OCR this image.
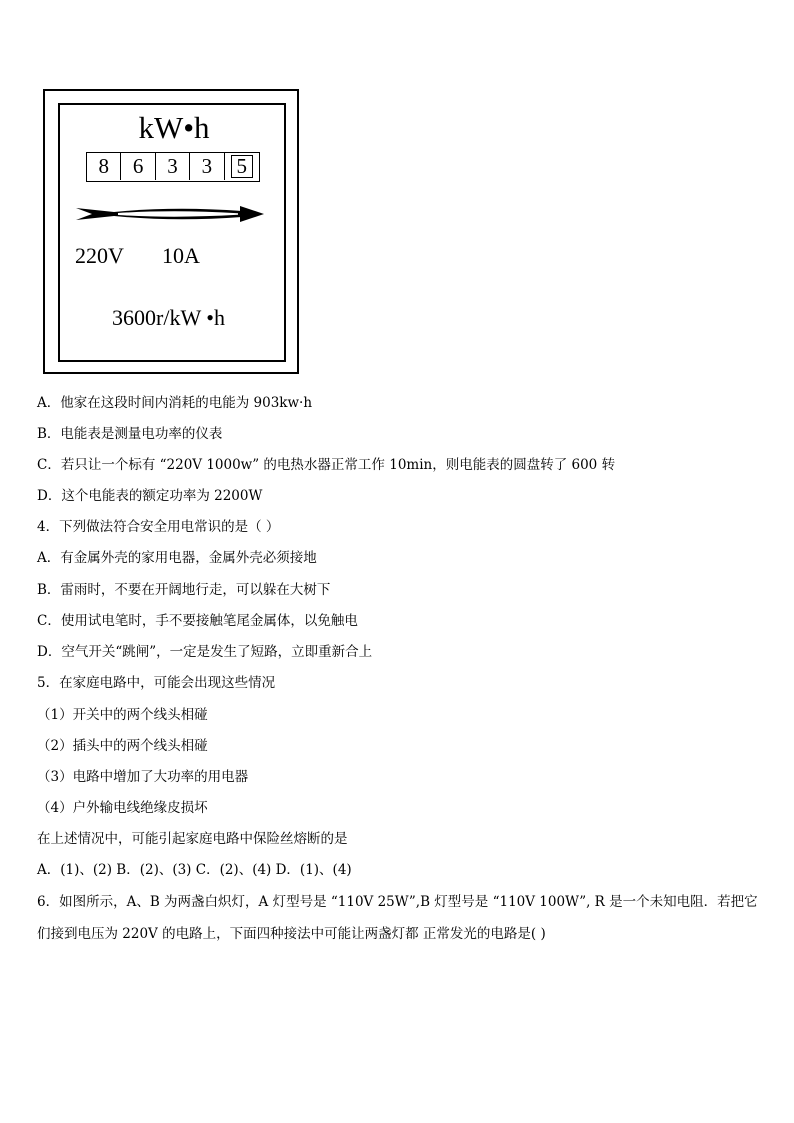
kW•h
8	6	3	3	5
220V 10A
3600r/kW •h
A．他家在这段时间内消耗的电能为 903kw·h
B．电能表是测量电功率的仪表
C．若只让一个标有 “220V 1000w” 的电热水器正常工作 10min，则电能表的圆盘转了 600 转
D．这个电能表的额定功率为 2200W
4．下列做法符合安全用电常识的是（ ）
A．有金属外壳的家用电器，金属外壳必须接地
B．雷雨时，不要在开阔地行走，可以躲在大树下
C．使用试电笔时，手不要接触笔尾金属体，以免触电
D．空气开关“跳闸”，一定是发生了短路，立即重新合上
5．在家庭电路中，可能会出现这些情况
（1）开关中的两个线头相碰
（2）插头中的两个线头相碰
（3）电路中增加了大功率的用电器
（4）户外输电线绝缘皮损坏
在上述情况中，可能引起家庭电路中保险丝熔断的是
A．(1)、(2) B．(2)、(3) C．(2)、(4) D．(1)、(4)
6．如图所示，A、B 为两盏白炽灯，A 灯型号是 “110V 25W”,B 灯型号是 “110V 100W”, R 是一个未知电阻．若把它
们接到电压为 220V 的电路上，下面四种接法中可能让两盏灯都 正常发光的电路是( )
